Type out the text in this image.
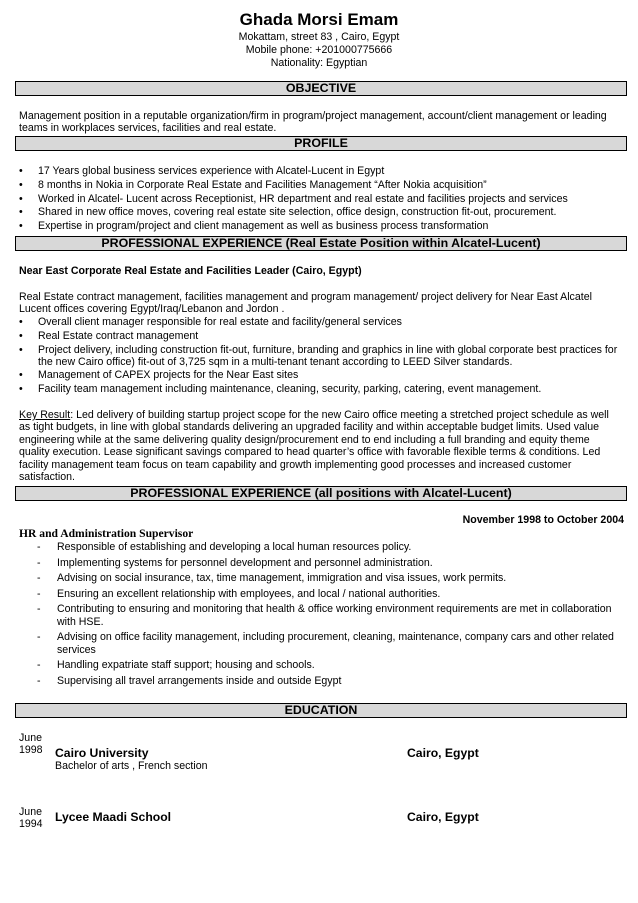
Ghada Morsi Emam
Mokattam, street 83 , Cairo, Egypt
Mobile phone: +201000775666
Nationality: Egyptian
OBJECTIVE
Management position in a reputable organization/firm in program/project management, account/client management or leading teams in workplaces services, facilities and real estate.
PROFILE
• 17 Years global business services experience with Alcatel-Lucent in Egypt
• 8 months in Nokia in Corporate Real Estate and Facilities Management “After Nokia acquisition”
• Worked in Alcatel- Lucent across Receptionist, HR department and real estate and facilities projects and services
• Shared in new office moves, covering real estate site selection, office design, construction fit-out, procurement.
• Expertise in program/project and client management as well as business process transformation
PROFESSIONAL EXPERIENCE (Real Estate Position within Alcatel-Lucent)
Near East Corporate Real Estate and Facilities Leader (Cairo, Egypt)
Real Estate contract management, facilities management and program management/ project delivery for Near East Alcatel Lucent offices covering Egypt/Iraq/Lebanon and Jordon .
• Overall client manager responsible for real estate and facility/general services
• Real Estate contract management
• Project delivery, including construction fit-out, furniture, branding and graphics in line with global corporate best practices for the new Cairo office) fit-out of 3,725 sqm in a multi-tenant tenant according to LEED Silver standards.
• Management of CAPEX projects for the Near East sites
• Facility team management including maintenance, cleaning, security, parking, catering, event management.
Key Result: Led delivery of building startup project scope for the new Cairo office meeting a stretched project schedule as well as tight budgets, in line with global standards delivering an upgraded facility and within acceptable budget limits. Used value engineering while at the same delivering quality design/procurement end to end including a full branding and equity theme quality execution. Lease significant savings compared to head quarter’s office with favorable flexible terms & conditions. Led facility management team focus on team capability and growth implementing good processes and increased customer satisfaction.
PROFESSIONAL EXPERIENCE (all positions with Alcatel-Lucent)
November 1998 to October 2004
HR and Administration Supervisor
- Responsible of establishing and developing a local human resources policy.
- Implementing systems for personnel development and personnel administration.
- Advising on social insurance, tax, time management, immigration and visa issues, work permits.
- Ensuring an excellent relationship with employees, and local / national authorities.
- Contributing to ensuring and monitoring that health & office working environment requirements are met in collaboration with HSE.
- Advising on office facility management, including procurement, cleaning, maintenance, company cars and other related services
- Handling expatriate staff support; housing and schools.
- Supervising all travel arrangements inside and outside Egypt
EDUCATION
June
1998 Cairo University	Cairo, Egypt
Bachelor of arts , French section
June
1994
Lycee Maadi School	Cairo, Egypt
